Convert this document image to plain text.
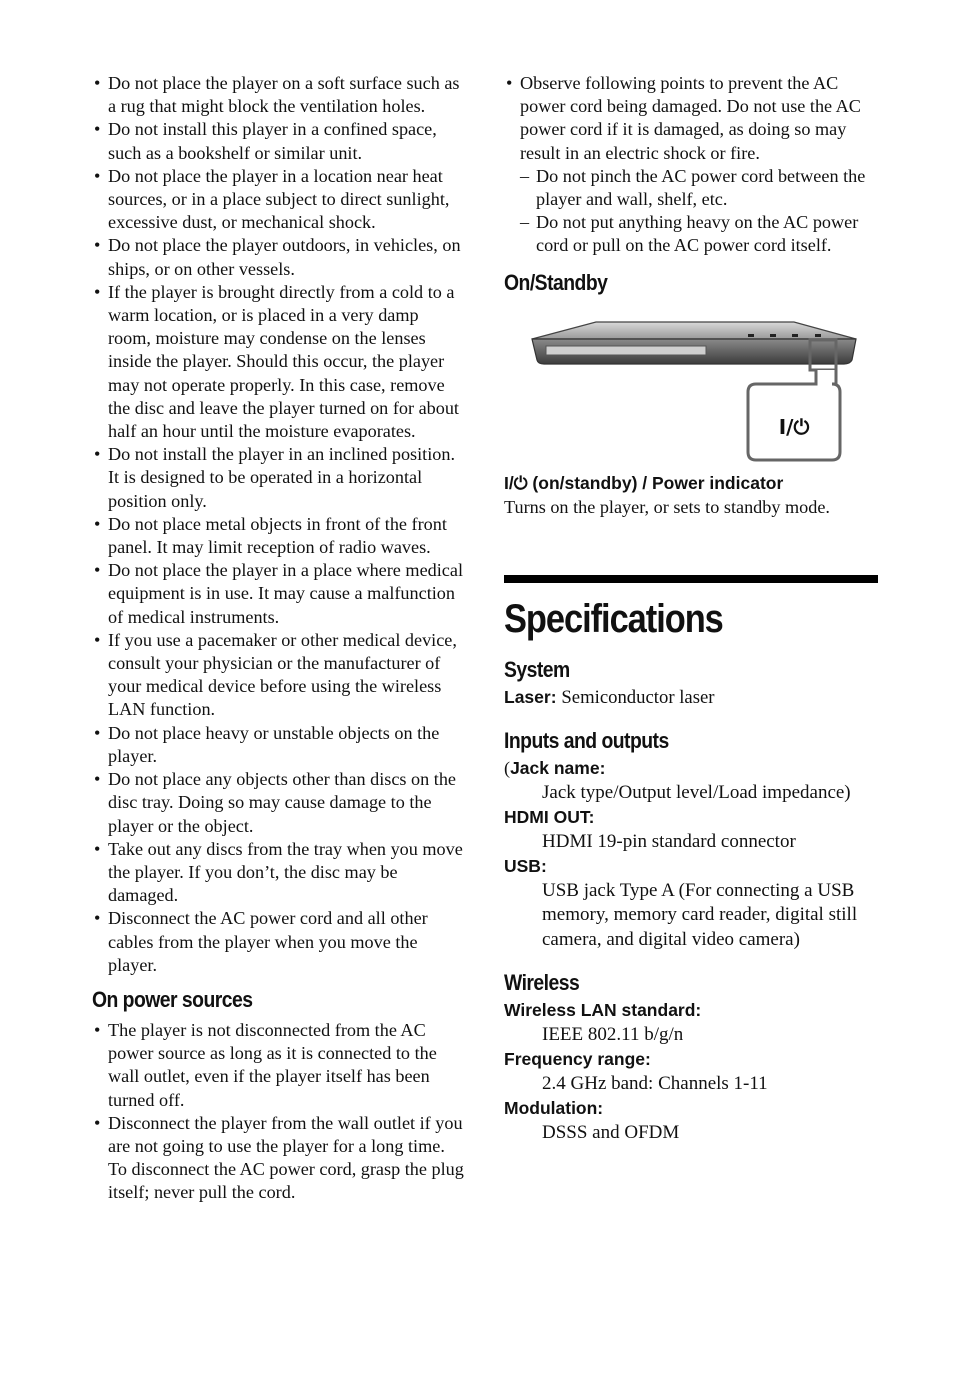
• Do not place the player on a soft surface such as a rug that might block the ventilation holes.
• Do not install this player in a confined space, such as a bookshelf or similar unit.
• Do not place the player in a location near heat sources, or in a place subject to direct sunlight, excessive dust, or mechanical shock.
• Do not place the player outdoors, in vehicles, on ships, or on other vessels.
• If the player is brought directly from a cold to a warm location, or is placed in a very damp room, moisture may condense on the lenses inside the player. Should this occur, the player may not operate properly. In this case, remove the disc and leave the player turned on for about half an hour until the moisture evaporates.
• Do not install the player in an inclined position. It is designed to be operated in a horizontal position only.
• Do not place metal objects in front of the front panel. It may limit reception of radio waves.
• Do not place the player in a place where medical equipment is in use. It may cause a malfunction of medical instruments.
• If you use a pacemaker or other medical device, consult your physician or the manufacturer of your medical device before using the wireless LAN function.
• Do not place heavy or unstable objects on the player.
• Do not place any objects other than discs on the disc tray. Doing so may cause damage to the player or the object.
• Take out any discs from the tray when you move the player. If you don’t, the disc may be damaged.
• Disconnect the AC power cord and all other cables from the player when you move the player.
On power sources
• The player is not disconnected from the AC power source as long as it is connected to the wall outlet, even if the player itself has been turned off.
• Disconnect the player from the wall outlet if you are not going to use the player for a long time. To disconnect the AC power cord, grasp the plug itself; never pull the cord.
• Observe following points to prevent the AC power cord being damaged. Do not use the AC power cord if it is damaged, as doing so may result in an electric shock or fire.
– Do not pinch the AC power cord between the player and wall, shelf, etc.
– Do not put anything heavy on the AC power cord or pull on the AC power cord itself.
On/Standby
I/⏻

I/⏻ (on/standby) / Power indicator

Turns on the player, or sets to standby mode.

Specifications
System

Laser: Semiconductor laser

Inputs and outputs

(Jack name:

Jack type/Output level/Load impedance)

HDMI OUT:

HDMI 19-pin standard connector

USB:

USB jack Type A (For connecting a USB memory, memory card reader, digital still camera, and digital video camera)

Wireless

Wireless LAN standard:

IEEE 802.11 b/g/n

Frequency range:

2.4 GHz band: Channels 1-11

Modulation:

DSSS and OFDM
